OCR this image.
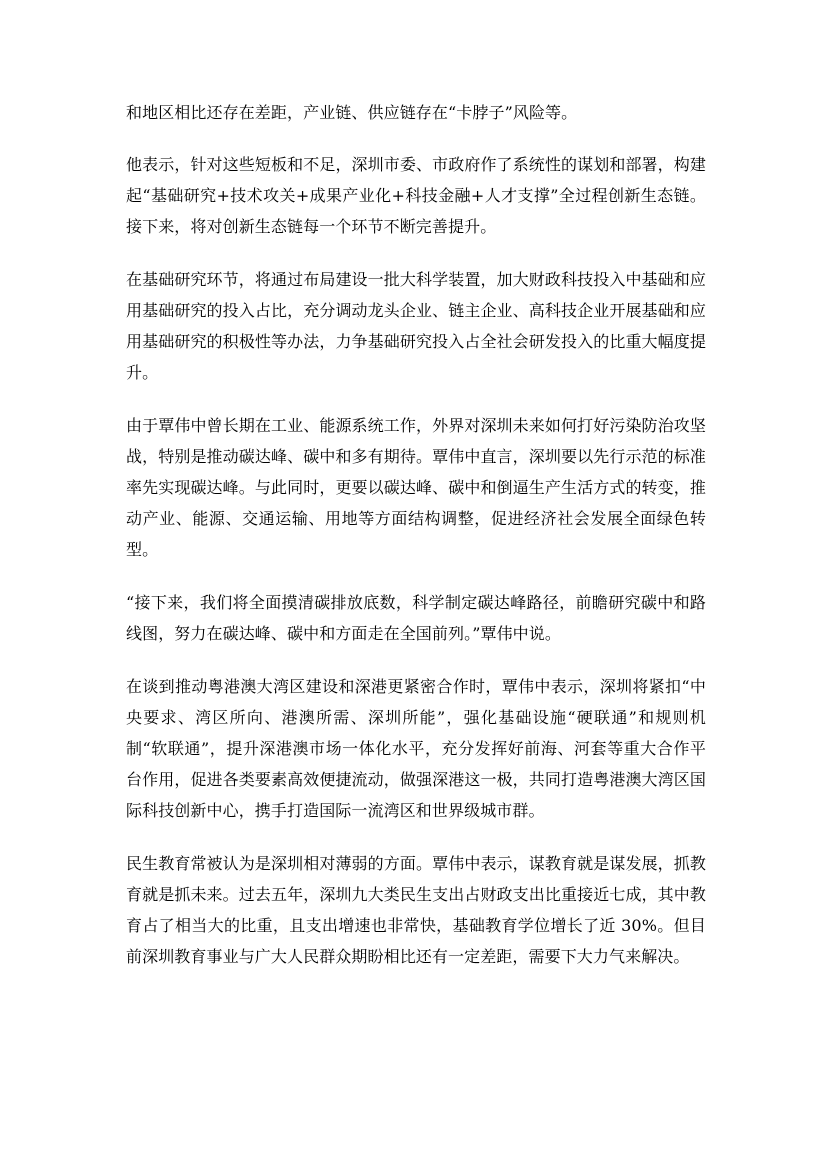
和地区相比还存在差距，产业链、供应链存在“卡脖子”风险等。

他表示，针对这些短板和不足，深圳市委、市政府作了系统性的谋划和部署，构建起“基础研究+技术攻关+成果产业化+科技金融+人才支撑”全过程创新生态链。接下来，将对创新生态链每一个环节不断完善提升。

在基础研究环节，将通过布局建设一批大科学装置，加大财政科技投入中基础和应用基础研究的投入占比，充分调动龙头企业、链主企业、高科技企业开展基础和应用基础研究的积极性等办法，力争基础研究投入占全社会研发投入的比重大幅度提升。

由于覃伟中曾长期在工业、能源系统工作，外界对深圳未来如何打好污染防治攻坚战，特别是推动碳达峰、碳中和多有期待。覃伟中直言，深圳要以先行示范的标准率先实现碳达峰。与此同时，更要以碳达峰、碳中和倒逼生产生活方式的转变，推动产业、能源、交通运输、用地等方面结构调整，促进经济社会发展全面绿色转型。

“接下来，我们将全面摸清碳排放底数，科学制定碳达峰路径，前瞻研究碳中和路线图，努力在碳达峰、碳中和方面走在全国前列。”覃伟中说。

在谈到推动粤港澳大湾区建设和深港更紧密合作时，覃伟中表示，深圳将紧扣“中央要求、湾区所向、港澳所需、深圳所能”，强化基础设施“硬联通”和规则机制“软联通”，提升深港澳市场一体化水平，充分发挥好前海、河套等重大合作平台作用，促进各类要素高效便捷流动，做强深港这一极，共同打造粤港澳大湾区国际科技创新中心，携手打造国际一流湾区和世界级城市群。

民生教育常被认为是深圳相对薄弱的方面。覃伟中表示，谋教育就是谋发展，抓教育就是抓未来。过去五年，深圳九大类民生支出占财政支出比重接近七成，其中教育占了相当大的比重，且支出增速也非常快，基础教育学位增长了近 30%。但目前深圳教育事业与广大人民群众期盼相比还有一定差距，需要下大力气来解决。
